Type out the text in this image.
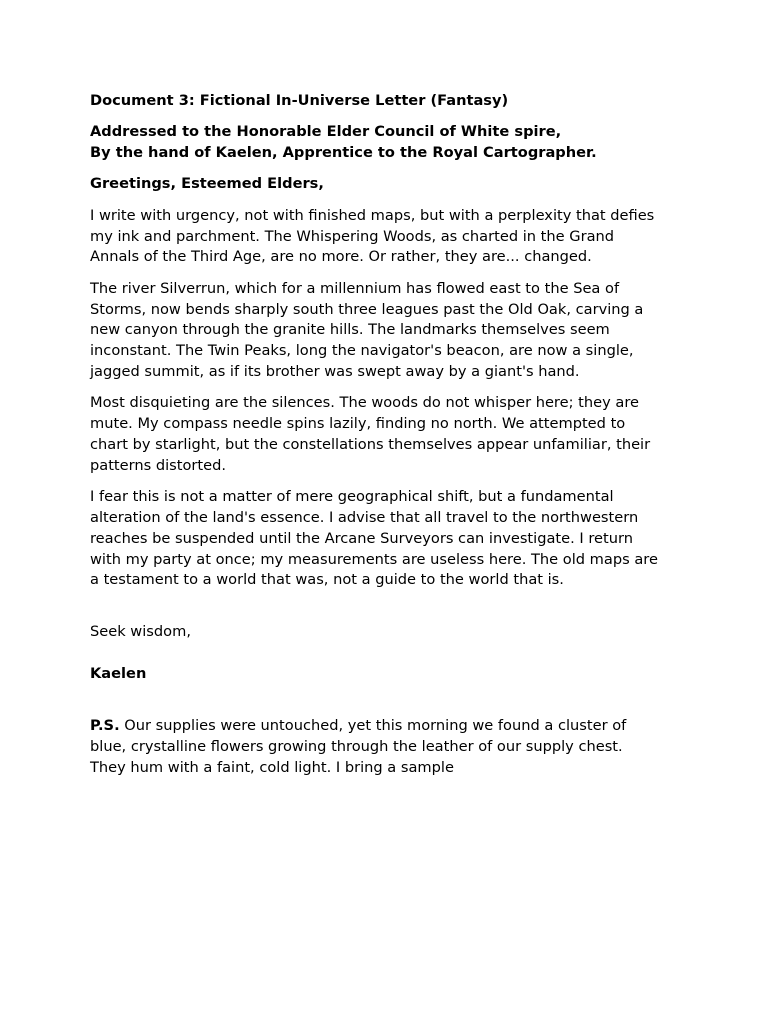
Document 3: Fictional In-Universe Letter (Fantasy)

Addressed to the Honorable Elder Council of White spire,
By the hand of Kaelen, Apprentice to the Royal Cartographer.

Greetings, Esteemed Elders,

I write with urgency, not with finished maps, but with a perplexity that defies
my ink and parchment. The Whispering Woods, as charted in the Grand
Annals of the Third Age, are no more. Or rather, they are... changed.

The river Silverrun, which for a millennium has flowed east to the Sea of
Storms, now bends sharply south three leagues past the Old Oak, carving a
new canyon through the granite hills. The landmarks themselves seem
inconstant. The Twin Peaks, long the navigator's beacon, are now a single,
jagged summit, as if its brother was swept away by a giant's hand.

Most disquieting are the silences. The woods do not whisper here; they are
mute. My compass needle spins lazily, finding no north. We attempted to
chart by starlight, but the constellations themselves appear unfamiliar, their
patterns distorted.

I fear this is not a matter of mere geographical shift, but a fundamental
alteration of the land's essence. I advise that all travel to the northwestern
reaches be suspended until the Arcane Surveyors can investigate. I return
with my party at once; my measurements are useless here. The old maps are
a testament to a world that was, not a guide to the world that is.

Seek wisdom,

Kaelen

P.S. Our supplies were untouched, yet this morning we found a cluster of
blue, crystalline flowers growing through the leather of our supply chest.
They hum with a faint, cold light. I bring a sample
